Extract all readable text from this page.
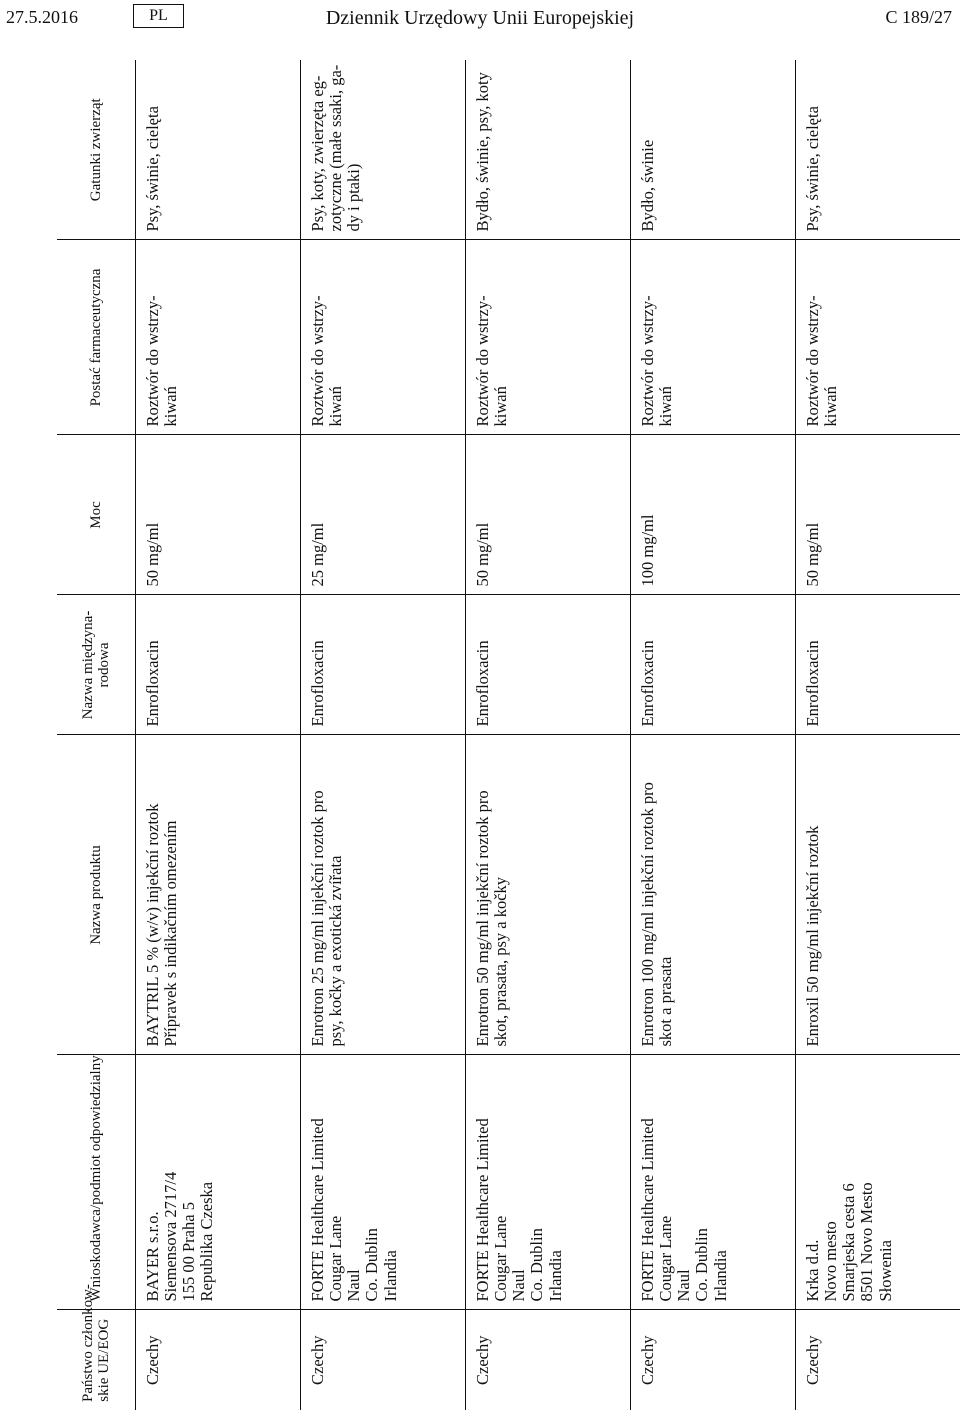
27.5.2016	PL	Dziennik Urzędowy Unii Europejskiej	C 189/27
Państwo członkow- skie UE/EOG	Wnioskodawca/podmiot odpowiedzialny	Nazwa produktu	Nazwa międzyna- rodowa	Moc	Postać farmaceutyczna	Gatunki zwierząt

Czechy	BAYER s.r.o. Siemensova 2717/4 155 00 Praha 5 Republika Czeska	BAYTRIL 5 % (w/v) injekční roztok Přípravek s indikačním omezením	Enrofloxacin	50 mg/ml	Roztwór do wstrzy- kiwań	Psy, świnie, cielęta

Czechy	FORTE Healthcare Limited Cougar Lane Naul Co. Dublin Irlandia	Enrotron 25 mg/ml injekční roztok pro psy, kočky a exotická zvířata	Enrofloxacin	25 mg/ml	Roztwór do wstrzy- kiwań	Psy, koty, zwierzęta eg- zotyczne (małe ssaki, ga- dy i ptaki)

Czechy	FORTE Healthcare Limited Cougar Lane Naul Co. Dublin Irlandia	Enrotron 50 mg/ml injekční roztok pro skot, prasata, psy a kočky	Enrofloxacin	50 mg/ml	Roztwór do wstrzy- kiwań	Bydło, świnie, psy, koty

Czechy	FORTE Healthcare Limited Cougar Lane Naul Co. Dublin Irlandia	Enrotron 100 mg/ml injekční roztok pro skot a prasata	Enrofloxacin	100 mg/ml	Roztwór do wstrzy- kiwań	Bydło, świnie

Czechy	Krka d.d. Novo mesto Smarjeska cesta 6 8501 Novo Mesto Słowenia	Enroxil 50 mg/ml injekční roztok	Enrofloxacin	50 mg/ml	Roztwór do wstrzy- kiwań	Psy, świnie, cielęta
